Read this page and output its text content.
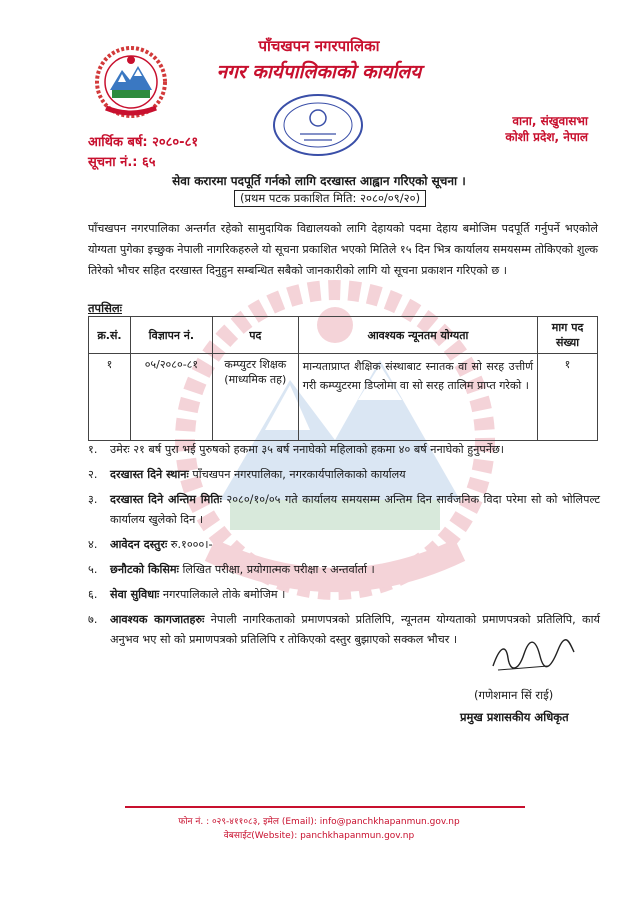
पाँचखपन नगरपालिका
नगर कार्यपालिकाको कार्यालय
वाना, संखुवासभा
कोशी प्रदेश, नेपाल
आर्थिक बर्ष: २०८०-८१
सूचना नं.: ६५
सेवा करारमा पदपूर्ति गर्नको लागि दरखास्त आह्वान गरिएको सूचना ।
(प्रथम पटक प्रकाशित मिति: २०८०/०९/२०)
पाँचखपन नगरपालिका अन्तर्गत रहेको सामुदायिक विद्यालयको लागि देहायको पदमा देहाय बमोजिम पदपूर्ति गर्नुपर्ने भएकोले योग्यता पुगेका इच्छुक नेपाली नागरिकहरुले यो सूचना प्रकाशित भएको मितिले १५ दिन भित्र कार्यालय समयसम्म तोकिएको शुल्क तिरेको भौचर सहित दरखास्त दिनुहुन सम्बन्धित सबैको जानकारीको लागि यो सूचना प्रकाशन गरिएको छ ।
तपसिलः
क्र.सं.	विज्ञापन नं.	पद	आवश्यक न्यूनतम योग्यता	माग पद संख्या
१	०५/२०८०-८१	कम्प्युटर शिक्षक (माध्यमिक तह)	मान्यताप्राप्त शैक्षिक संस्थाबाट स्नातक वा सो सरह उत्तीर्ण गरी कम्प्युटरमा डिप्लोमा वा सो सरह तालिम प्राप्त गरेको ।	१
१.	उमेरः २१ बर्ष पुरा भई पुरुषको हकमा ३५ बर्ष ननाघेको महिलाको हकमा ४० बर्ष ननाघेको हुनुपर्नेछ।
२.	दरखास्त दिने स्थानः पाँचखपन नगरपालिका, नगरकार्यपालिकाको कार्यालय
३.	दरखास्त दिने अन्तिम मितिः २०८०/१०/०५ गते कार्यालय समयसम्म अन्तिम दिन सार्वजनिक विदा परेमा सो को भोलिपल्ट कार्यालय खुलेको दिन ।
४.	आवेदन दस्तुरः रु.१०००।-
५.	छनौटको किसिमः लिखित परीक्षा, प्रयोगात्मक परीक्षा र अन्तर्वार्ता ।
६.	सेवा सुविधाः नगरपालिकाले तोके बमोजिम ।
७.	आवश्यक कागजातहरुः नेपाली नागरिकताको प्रमाणपत्रको प्रतिलिपि, न्यूनतम योग्यताको प्रमाणपत्रको प्रतिलिपि, कार्य अनुभव भए सो को प्रमाणपत्रको प्रतिलिपि र तोकिएको दस्तुर बुझाएको सक्कल भौचर ।
(गणेशमान सिं राई)
प्रमुख प्रशासकीय अधिकृत
फोन नं. : ०२९-४११०८३, इमेल (Email): info@panchkhapanmun.gov.np
वेबसाईट(Website): panchkhapanmun.gov.np
